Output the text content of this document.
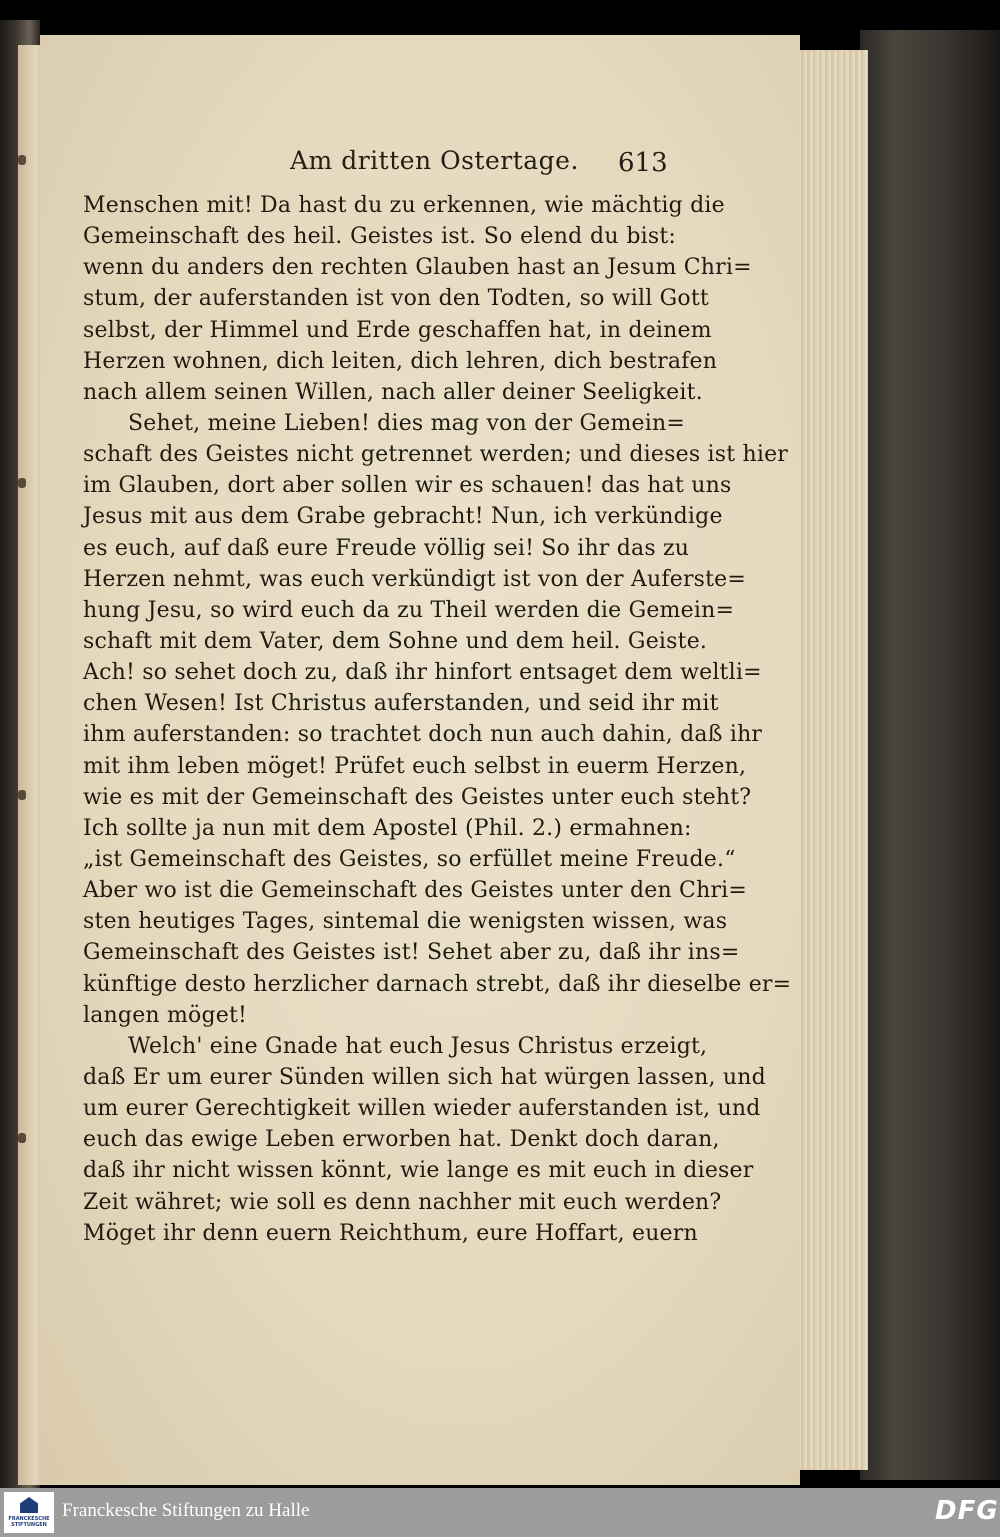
Am dritten Ostertage. 613
Menschen mit! Da hast du zu erkennen, wie mächtig die
Gemeinschaft des heil. Geistes ist. So elend du bist:
wenn du anders den rechten Glauben hast an Jesum Chri=
stum, der auferstanden ist von den Todten, so will Gott
selbst, der Himmel und Erde geschaffen hat, in deinem
Herzen wohnen, dich leiten, dich lehren, dich bestrafen
nach allem seinen Willen, nach aller deiner Seeligkeit.
Sehet, meine Lieben! dies mag von der Gemein=
schaft des Geistes nicht getrennet werden; und dieses ist hier
im Glauben, dort aber sollen wir es schauen! das hat uns
Jesus mit aus dem Grabe gebracht! Nun, ich verkündige
es euch, auf daß eure Freude völlig sei! So ihr das zu
Herzen nehmt, was euch verkündigt ist von der Auferste=
hung Jesu, so wird euch da zu Theil werden die Gemein=
schaft mit dem Vater, dem Sohne und dem heil. Geiste.
Ach! so sehet doch zu, daß ihr hinfort entsaget dem weltli=
chen Wesen! Ist Christus auferstanden, und seid ihr mit
ihm auferstanden: so trachtet doch nun auch dahin, daß ihr
mit ihm leben möget! Prüfet euch selbst in euerm Herzen,
wie es mit der Gemeinschaft des Geistes unter euch steht?
Ich sollte ja nun mit dem Apostel (Phil. 2.) ermahnen:
„ist Gemeinschaft des Geistes, so erfüllet meine Freude.“
Aber wo ist die Gemeinschaft des Geistes unter den Chri=
sten heutiges Tages, sintemal die wenigsten wissen, was
Gemeinschaft des Geistes ist! Sehet aber zu, daß ihr ins=
künftige desto herzlicher darnach strebt, daß ihr dieselbe er=
langen möget!
Welch' eine Gnade hat euch Jesus Christus erzeigt,
daß Er um eurer Sünden willen sich hat würgen lassen, und
um eurer Gerechtigkeit willen wieder auferstanden ist, und
euch das ewige Leben erworben hat. Denkt doch daran,
daß ihr nicht wissen könnt, wie lange es mit euch in dieser
Zeit währet; wie soll es denn nachher mit euch werden?
Möget ihr denn euern Reichthum, eure Hoffart, euern
FRANCKESCHE STIFTUNGEN
Franckesche Stiftungen zu Halle	DFG
